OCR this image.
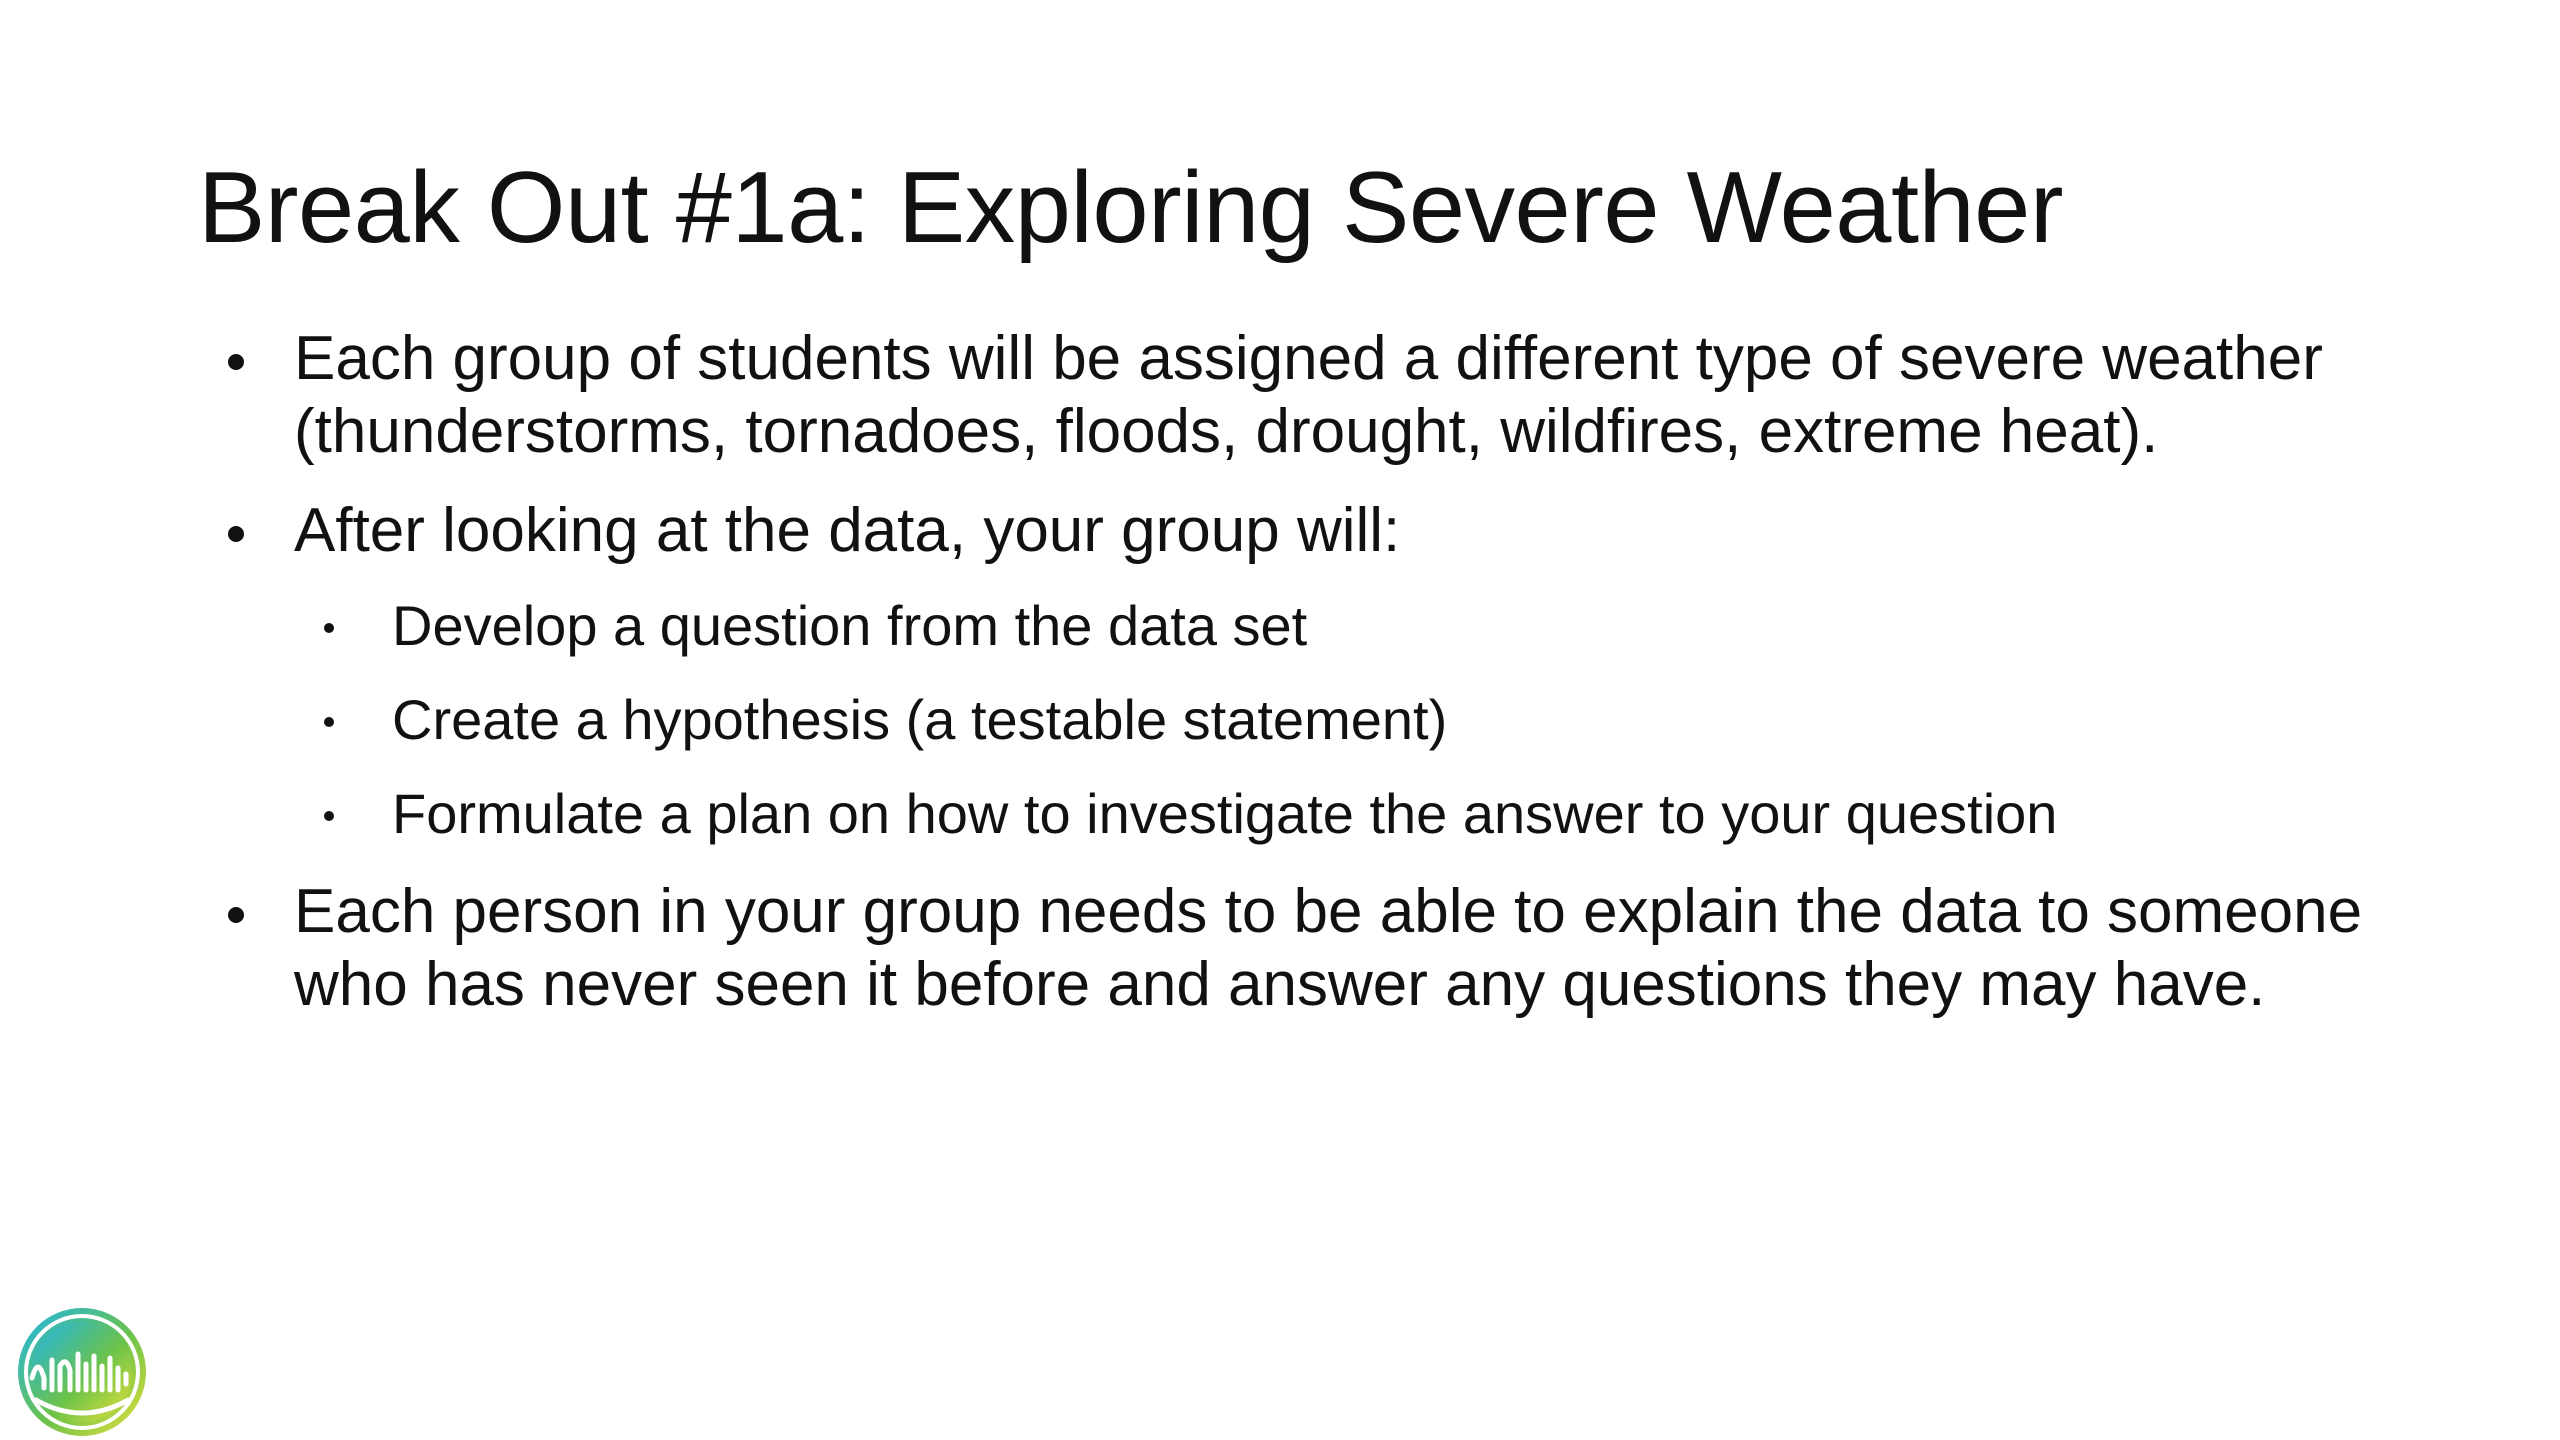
Break Out #1a: Exploring Severe Weather
Each group of students will be assigned a different type of severe weather (thunderstorms, tornadoes, floods, drought, wildfires, extreme heat).
After looking at the data, your group will:
Develop a question from the data set
Create a hypothesis (a testable statement)
Formulate a plan on how to investigate the answer to your question
Each person in your group needs to be able to explain the data to someone who has never seen it before and answer any questions they may have.
